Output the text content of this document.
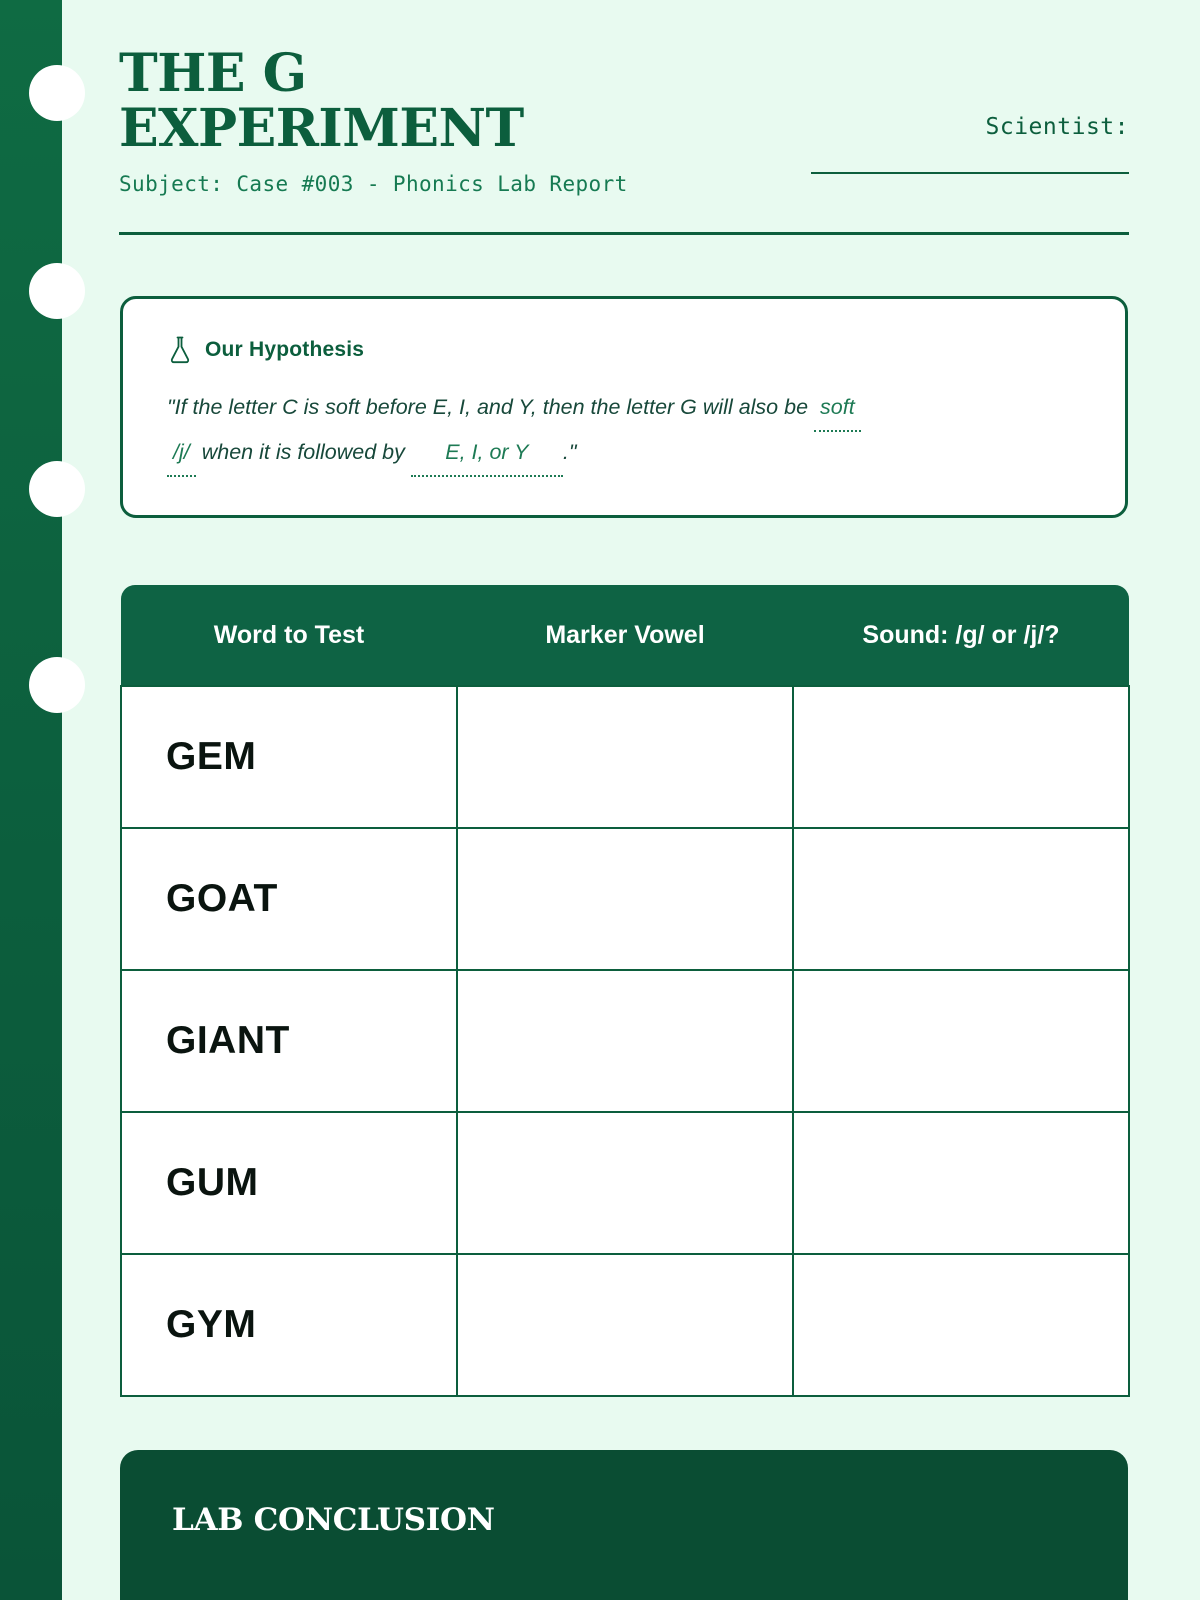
THE G EXPERIMENT
Subject: Case #003 - Phonics Lab Report
Scientist:
Our Hypothesis
"If the letter C is soft before E, I, and Y, then the letter G will also be soft
/j/ when it is followed by E, I, or Y ."
Word to Test	Marker Vowel	Sound: /g/ or /j/?
GEM		
GOAT		
GIANT		
GUM		
GYM		
LAB CONCLUSION
